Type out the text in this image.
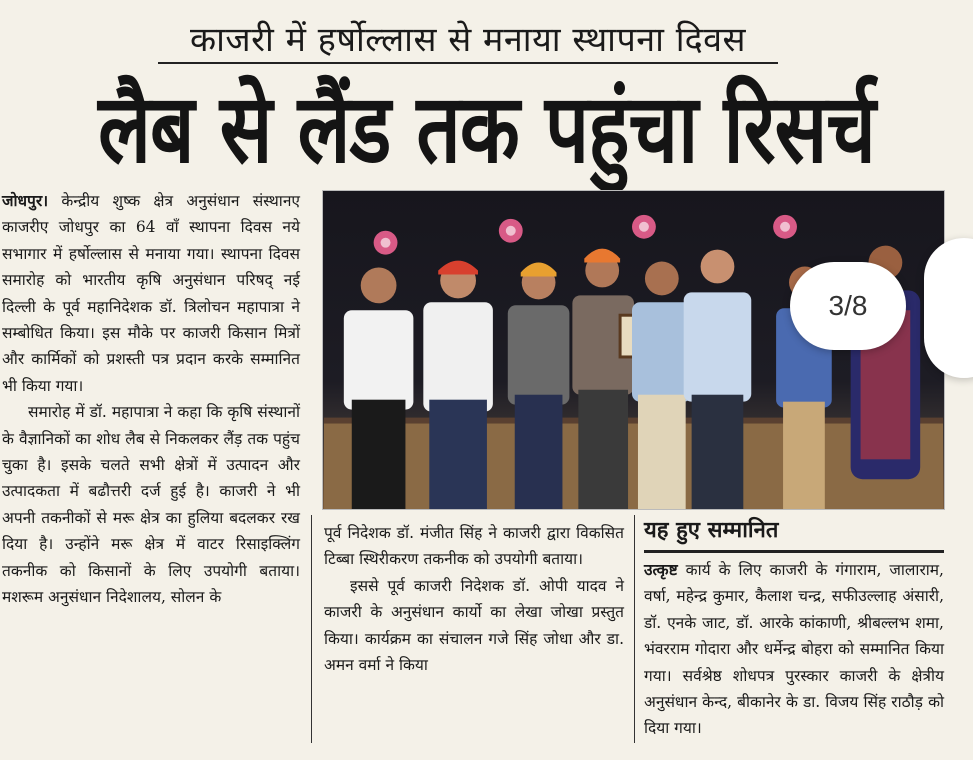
काजरी में हर्षोल्लास से मनाया स्थापना दिवस
लैब से लैंड तक पहुंचा रिसर्च

जोधपुर। केन्द्रीय शुष्क क्षेत्र अनुसंधान संस्थानए काजरीए जोधपुर का 64 वाँ स्थापना दिवस नये सभागार में हर्षोल्लास से मनाया गया। स्थापना दिवस समारोह को भारतीय कृषि अनुसंधान परिषद् नई दिल्ली के पूर्व महानिदेशक डॉ. त्रिलोचन महापात्रा ने सम्बोधित किया। इस मौके पर काजरी किसान मित्रों और कार्मिकों को प्रशस्ती पत्र प्रदान करके सम्मानित भी किया गया।

समारोह में डॉ. महापात्रा ने कहा कि कृषि संस्थानों के वैज्ञानिकों का शोध लैब से निकलकर लैंड़ तक पहुंच चुका है। इसके चलते सभी क्षेत्रों में उत्पादन और उत्पादकता में बढौत्तरी दर्ज हुई है। काजरी ने भी अपनी तकनीकों से मरू क्षेत्र का हुलिया बदलकर रख दिया है। उन्होंने मरू क्षेत्र में वाटर रिसाइक्लिंग तकनीक को किसानों के लिए उपयोगी बताया। मशरूम अनुसंधान निदेशालय, सोलन के

3/8

पूर्व निदेशक डॉ. मंजीत सिंह ने काजरी द्वारा विकसित टिब्बा स्थिरीकरण तकनीक को उपयोगी बताया।

इससे पूर्व काजरी निदेशक डॉ. ओपी यादव ने काजरी के अनुसंधान कार्यो का लेखा जोखा प्रस्तुत किया। कार्यक्रम का संचालन गजे सिंह जोधा और डा. अमन वर्मा ने किया

यह हुए सम्मानित
उत्कृष्ट कार्य के लिए काजरी के गंगाराम, जालाराम, वर्षा, महेन्द्र कुमार, कैलाश चन्द्र, सफीउल्लाह अंसारी, डॉ. एनके जाट, डॉ. आरके कांकाणी, श्रीबल्लभ शमा, भंवरराम गोदारा और धर्मेन्द्र बोहरा को सम्मानित किया गया। सर्वश्रेष्ठ शोधपत्र पुरस्कार काजरी के क्षेत्रीय अनुसंधान केन्द, बीकानेर के डा. विजय सिंह राठौड़ को दिया गया।
